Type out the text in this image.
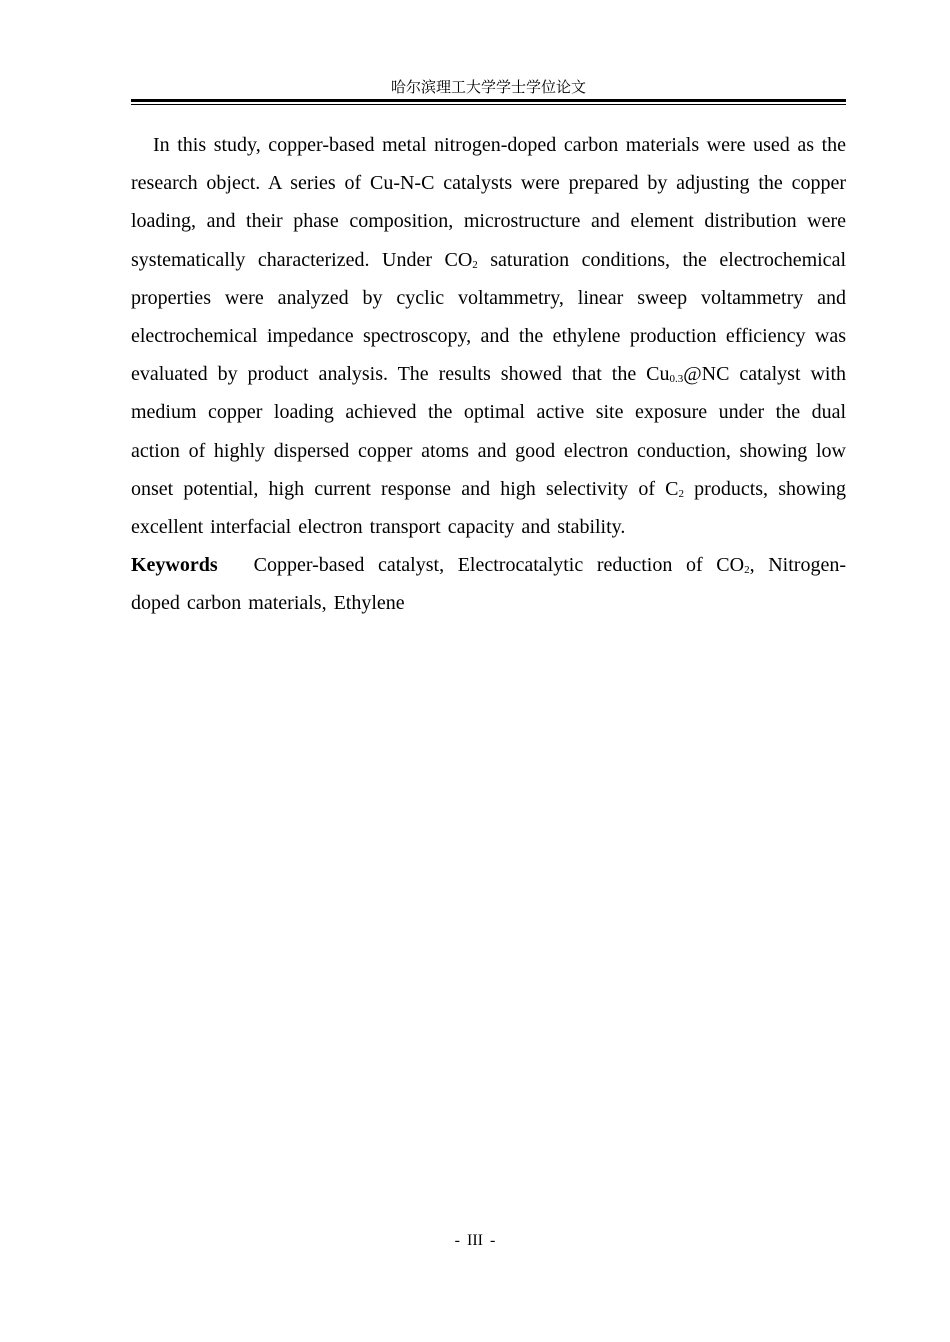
哈尔滨理工大学学士学位论文

In this study, copper-based metal nitrogen-doped carbon materials were used as the research object. A series of Cu-N-C catalysts were prepared by adjusting the copper loading, and their phase composition, microstructure and element distribution were systematically characterized. Under $CO_2$ saturation conditions, the electrochemical properties were analyzed by cyclic voltammetry, linear sweep voltammetry and electrochemical impedance spectroscopy, and the ethylene production efficiency was evaluated by product analysis. The results showed that the $Cu_{0.3}@NC$ catalyst with medium copper loading achieved the optimal active site exposure under the dual action of highly dispersed copper atoms and good electron conduction, showing low onset potential, high current response and high selectivity of $C_2$ products, showing excellent interfacial electron transport capacity and stability.

Keywords Copper-based catalyst, Electrocatalytic reduction of $CO_2$, Nitrogen-doped carbon materials, Ethylene

- III -
